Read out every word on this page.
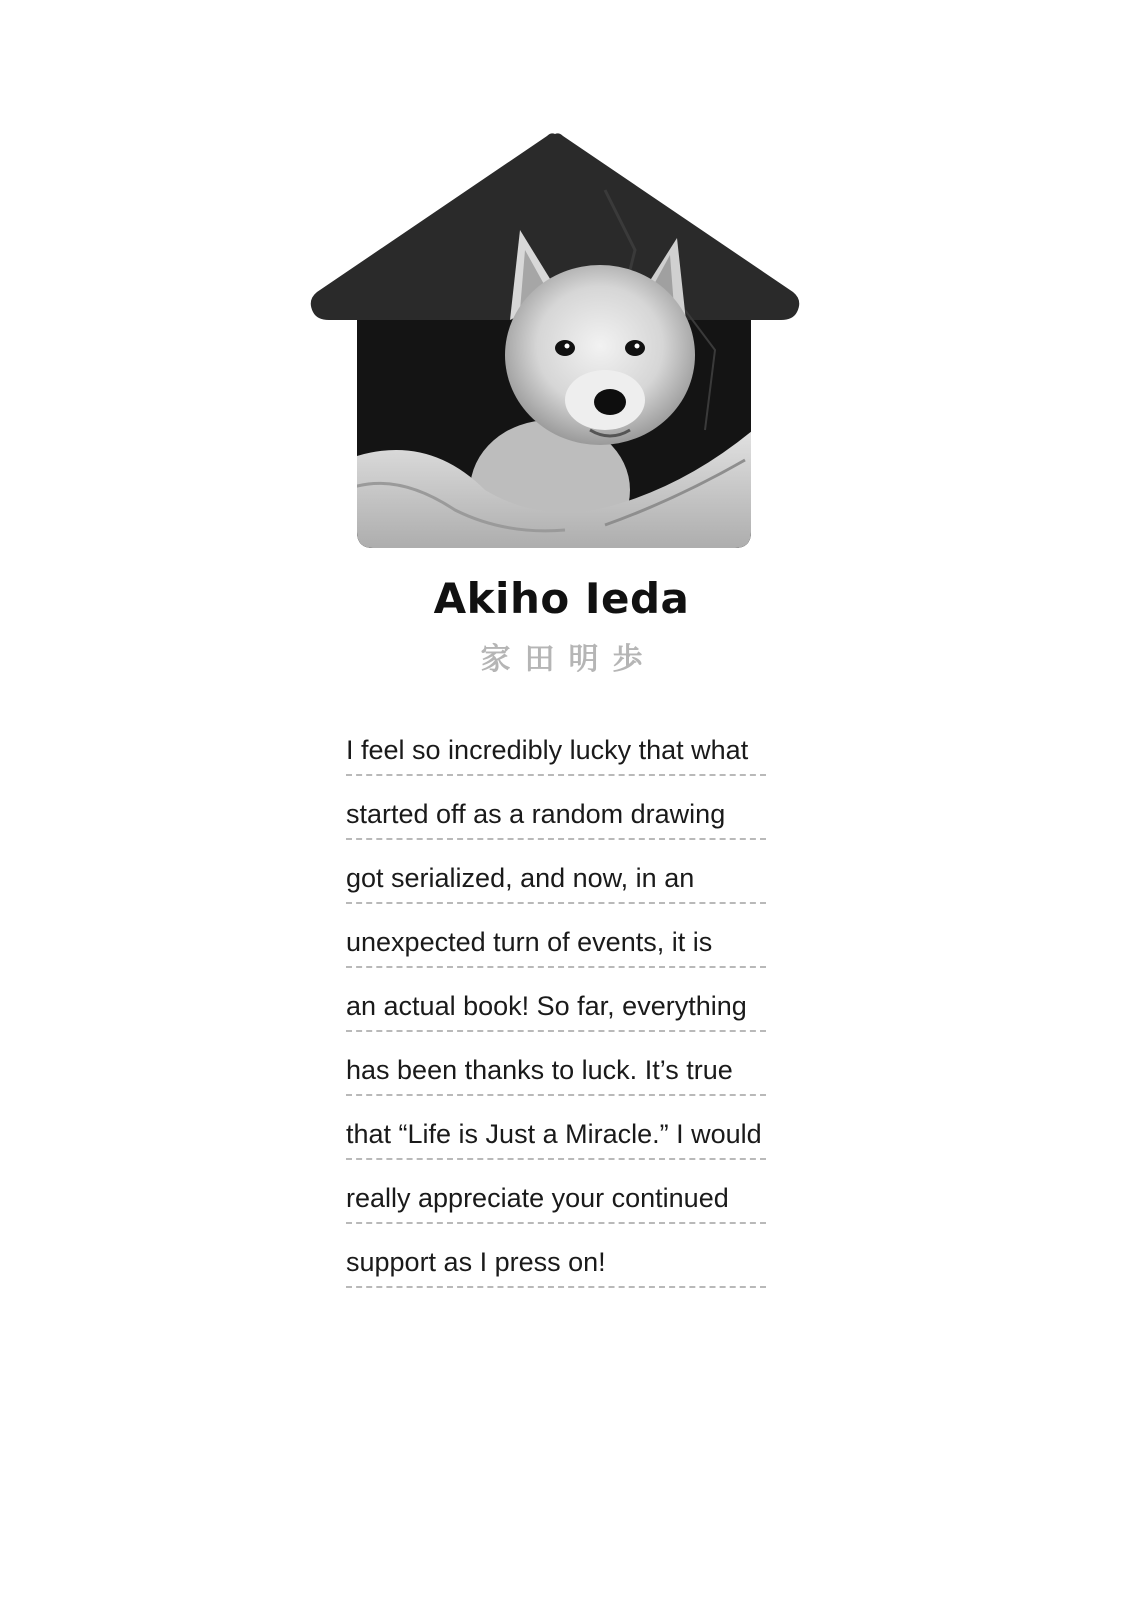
Akiho Ieda
家田明歩
I feel so incredibly lucky that what
started off as a random drawing
got serialized, and now, in an
unexpected turn of events, it is
an actual book! So far, everything
has been thanks to luck. It’s true
that “Life is Just a Miracle.” I would
really appreciate your continued
support as I press on!
